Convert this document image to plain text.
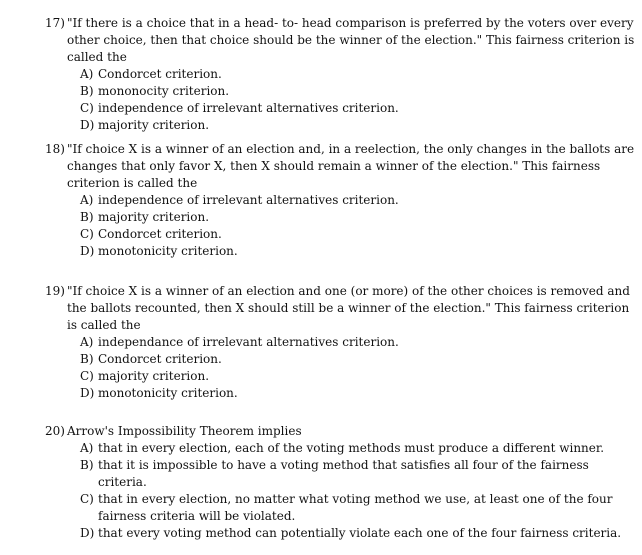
17) "If there is a choice that in a head- to- head comparison is preferred by the voters over every other choice, then that choice should be the winner of the election." This fairness criterion is called the
A) Condorcet criterion.
B) mononocity criterion.
C) independence of irrelevant alternatives criterion.
D) majority criterion.
18) "If choice X is a winner of an election and, in a reelection, the only changes in the ballots are changes that only favor X, then X should remain a winner of the election." This fairness criterion is called the
A) independence of irrelevant alternatives criterion.
B) majority criterion.
C) Condorcet criterion.
D) monotonicity criterion.
19) "If choice X is a winner of an election and one (or more) of the other choices is removed and the ballots recounted, then X should still be a winner of the election." This fairness criterion is called the
A) independance of irrelevant alternatives criterion.
B) Condorcet criterion.
C) majority criterion.
D) monotonicity criterion.
20) Arrow's Impossibility Theorem implies
A) that in every election, each of the voting methods must produce a different winner.
B) that it is impossible to have a voting method that satisfies all four of the fairness criteria.
C) that in every election, no matter what voting method we use, at least one of the four fairness criteria will be violated.
D) that every voting method can potentially violate each one of the four fairness criteria.
